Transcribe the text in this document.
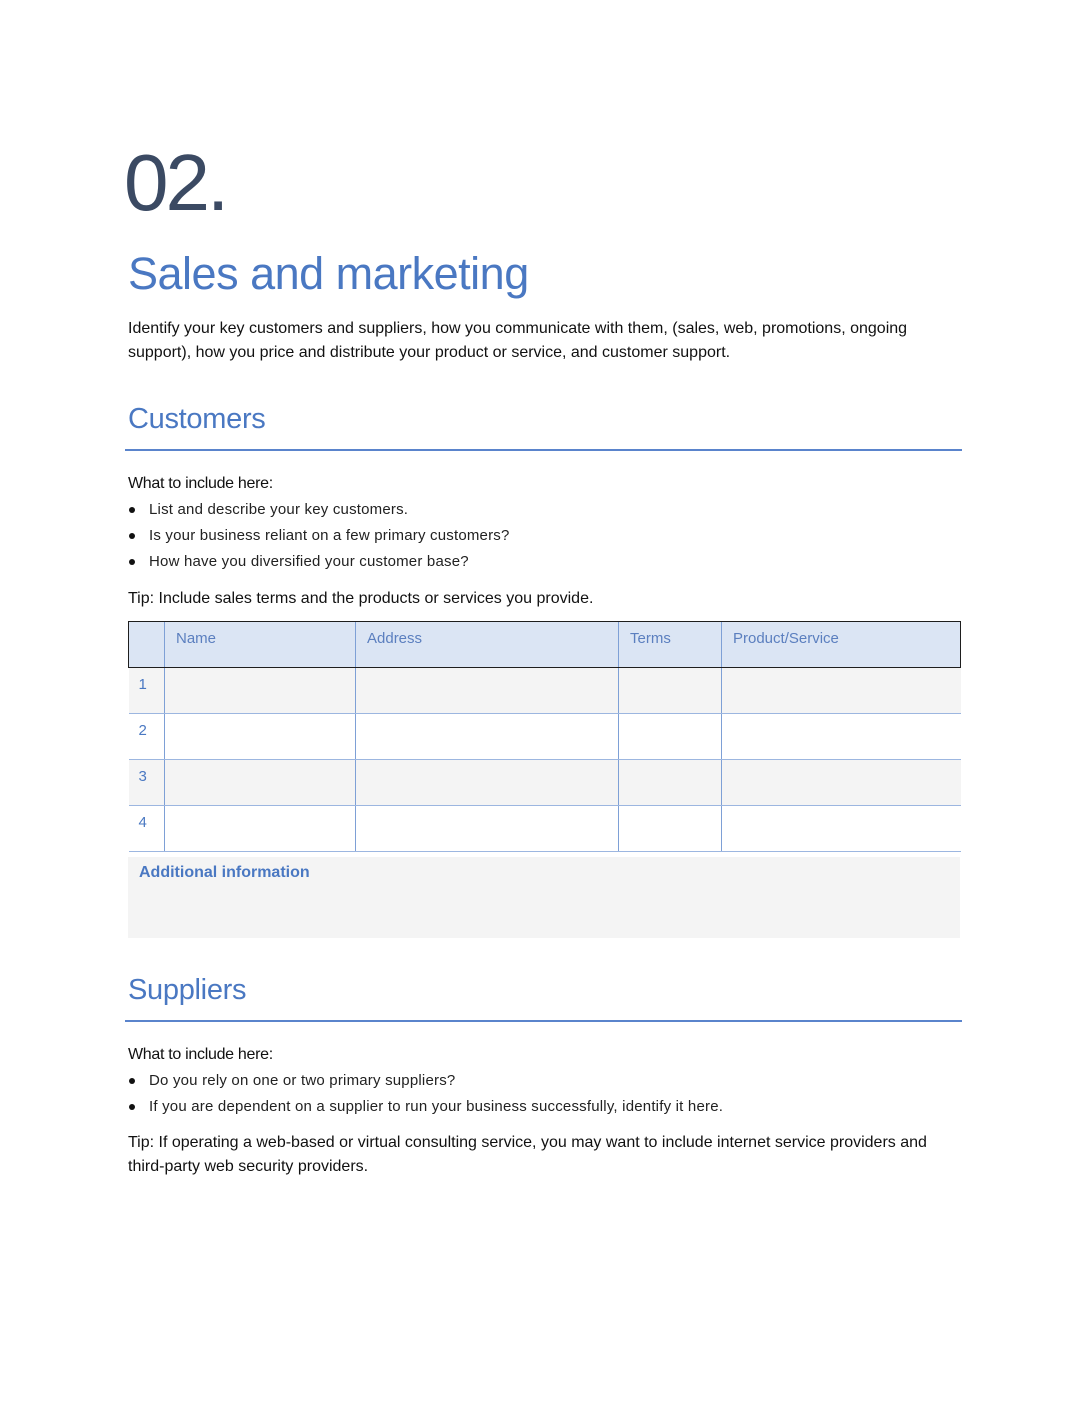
02.
Sales and marketing

Identify your key customers and suppliers, how you communicate with them, (sales, web, promotions, ongoing support), how you price and distribute your product or service, and customer support.

Customers

What to include here:

List and describe your key customers.
Is your business reliant on a few primary customers?
How have you diversified your customer base?

Tip: Include sales terms and the products or services you provide.

	Name	Address	Terms	Product/Service
1				
2				
3				
4				
Additional information
Suppliers

What to include here:

Do you rely on one or two primary suppliers?
If you are dependent on a supplier to run your business successfully, identify it here.

Tip: If operating a web-based or virtual consulting service, you may want to include internet service providers and third-party web security providers.
